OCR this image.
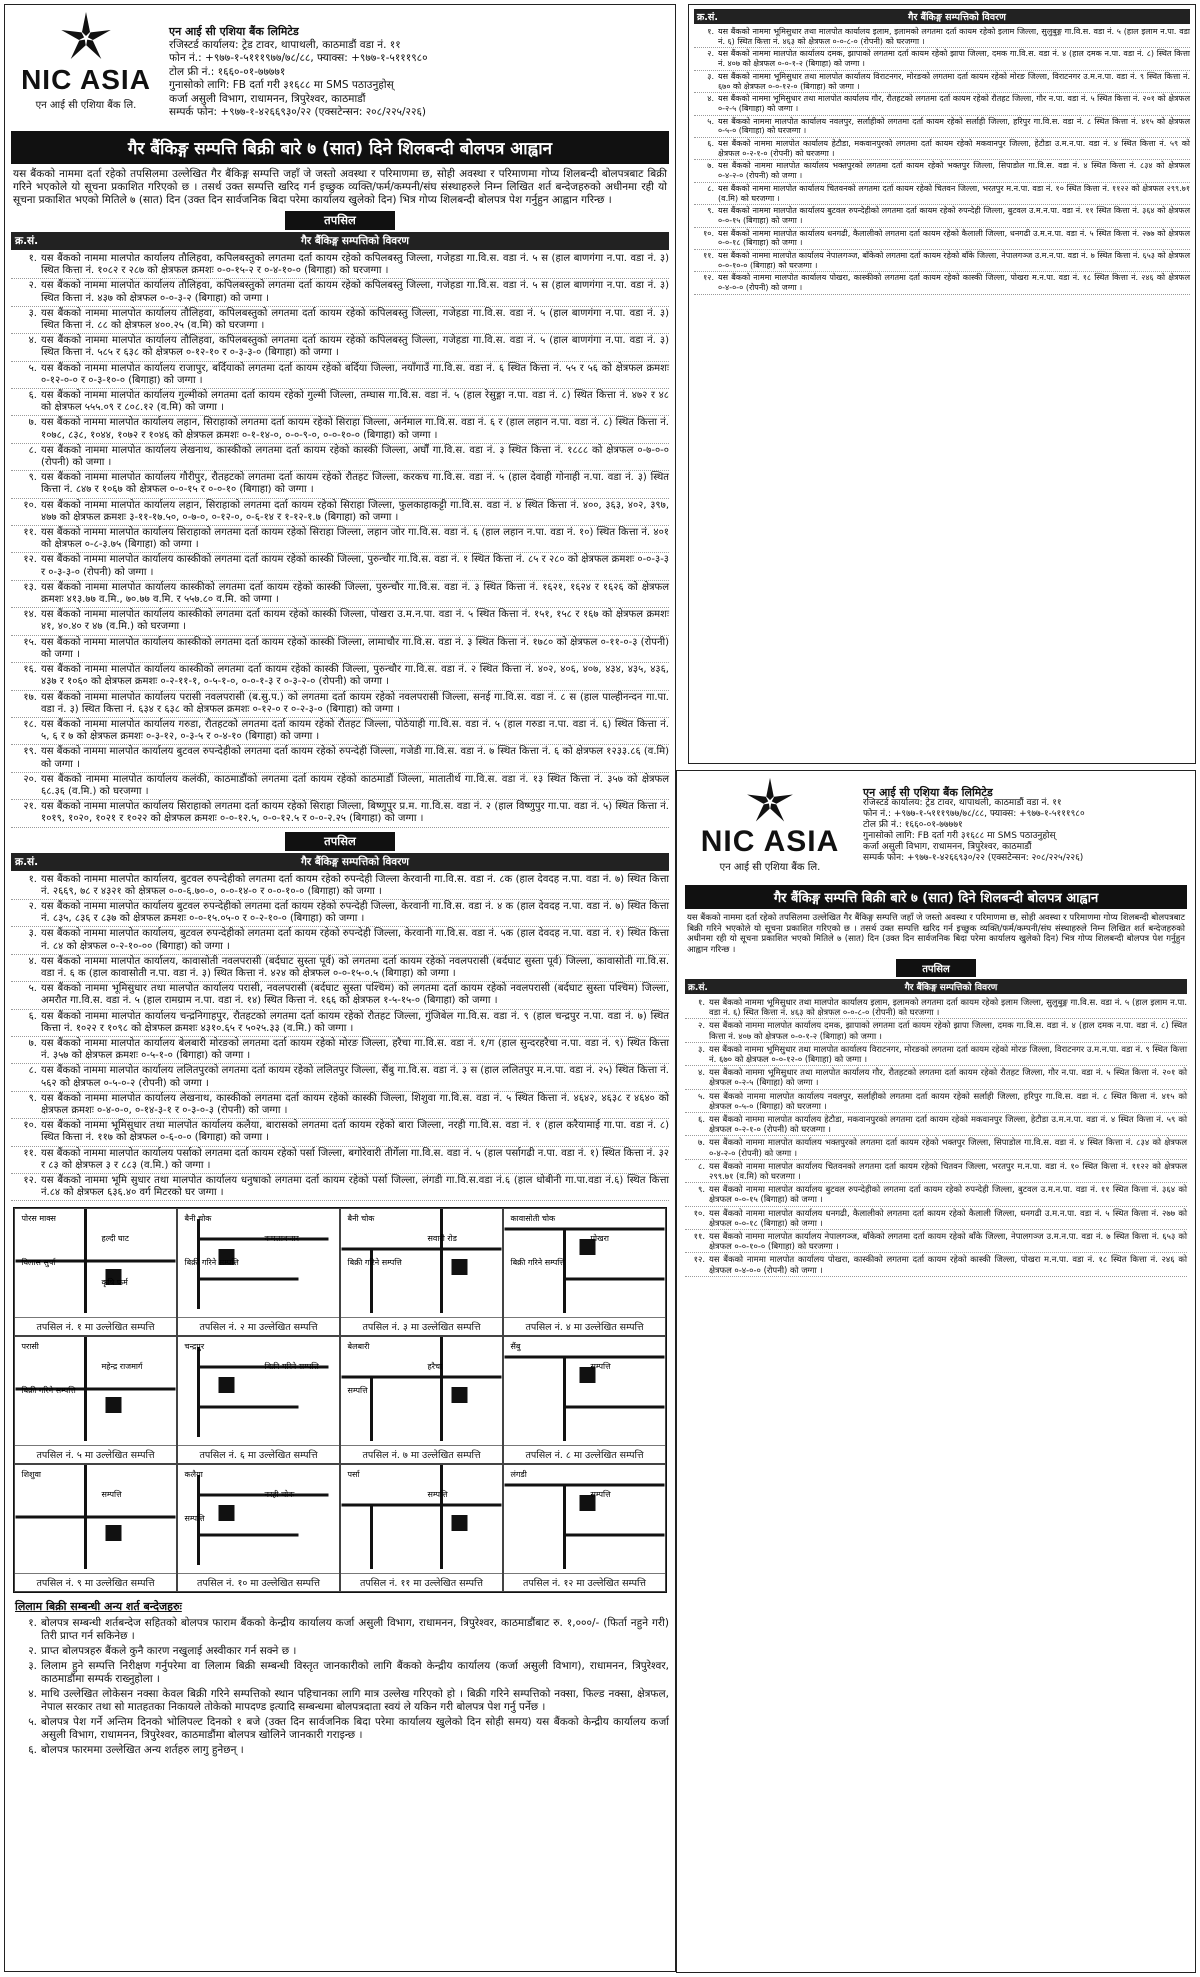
NIC ASIA
एन आई सी एशिया बैंक लि.
एन आई सी एशिया बैंक लिमिटेड
रजिस्टर्ड कार्यालय: ट्रेड टावर, थापाथली, काठमाडौं वडा नं. ११
फोन नं.: +९७७-१-५१११९७७/७८/८८, फ्याक्स: +९७७-१-५१११९८०
टोल फ्री नं.: १६६०-०१-७७७७१
गुनासोको लागि: FB दर्ता गरी ३१६८८ मा SMS पठाउनुहोस्
कर्जा असुली विभाग, राधामनन, त्रिपुरेश्वर, काठमाडौं
सम्पर्क फोन: +९७७-१-४२६६९३०/२२ (एक्सटेन्सन: २०८/२२५/२२६)
गैर बैंकिङ्ग सम्पत्ति बिक्री बारे ७ (सात) दिने शिलबन्दी बोलपत्र आह्वान
यस बैंकको नाममा दर्ता रहेको तपसिलमा उल्लेखित गैर बैंकिङ्ग सम्पत्ति जहाँ जे जस्तो अवस्था र परिमाणमा छ, सोही अवस्था र परिमाणमा गोप्य शिलबन्दी बोलपत्रबाट बिक्री गरिने भएकोले यो सूचना प्रकाशित गरिएको छ । तसर्थ उक्त सम्पत्ति खरिद गर्न इच्छुक व्यक्ति/फर्म/कम्पनी/संघ संस्थाहरुले निम्न लिखित शर्त बन्देजहरुको अधीनमा रही यो सूचना प्रकाशित भएको मितिले ७ (सात) दिन (उक्त दिन सार्वजनिक बिदा परेमा कार्यालय खुलेको दिन) भित्र गोप्य शिलबन्दी बोलपत्र पेश गर्नुहुन आह्वान गरिन्छ ।
तपसिल
क्र.सं.	गैर बैंकिङ्ग सम्पत्तिको विवरण
१. यस बैंकको नाममा मालपोत कार्यालय तौलिहवा, कपिलबस्तुको लगतमा दर्ता कायम रहेको कपिलबस्तु जिल्ला, गजेहडा गा.वि.स. वडा नं. ५ स (हाल बाणगंगा न.पा. वडा नं. ३) स्थित कित्ता नं. १०८२ र २८७ को क्षेत्रफल क्रमशः ०-०-१५-२ र ०-४-१०-० (बिगाहा) को घरजग्गा ।
२. यस बैंकको नाममा मालपोत कार्यालय तौलिहवा, कपिलबस्तुको लगतमा दर्ता कायम रहेको कपिलबस्तु जिल्ला, गजेहडा गा.वि.स. वडा नं. ५ स (हाल बाणगंगा न.पा. वडा नं. ३) स्थित कित्ता नं. ४३७ को क्षेत्रफल ०-०-३-२ (बिगाहा) को जग्गा ।
३. यस बैंकको नाममा मालपोत कार्यालय तौलिहवा, कपिलबस्तुको लगतमा दर्ता कायम रहेको कपिलबस्तु जिल्ला, गजेहडा गा.वि.स. वडा नं. ५ (हाल बाणगंगा न.पा. वडा नं. ३) स्थित कित्ता नं. ८८ को क्षेत्रफल ४००.२५ (व.मि) को घरजग्गा ।
४. यस बैंकको नाममा मालपोत कार्यालय तौलिहवा, कपिलबस्तुको लगतमा दर्ता कायम रहेको कपिलबस्तु जिल्ला, गजेहडा गा.वि.स. वडा नं. ५ (हाल बाणगंगा न.पा. वडा नं. ३) स्थित कित्ता नं. ५८५ र ६३८ को क्षेत्रफल ०-१२-१० र ०-३-३-० (बिगाहा) को जग्गा ।
५. यस बैंकको नाममा मालपोत कार्यालय राजापुर, बर्दियाको लगतमा दर्ता कायम रहेको बर्दिया जिल्ला, नयाँगाउँ गा.वि.स. वडा नं. ६ स्थित कित्ता नं. ५५ र ५६ को क्षेत्रफल क्रमशः ०-१२-०-० र ०-३-१०-० (बिगाहा) को जग्गा ।
६. यस बैंकको नाममा मालपोत कार्यालय गुल्मीको लगतमा दर्ता कायम रहेको गुल्मी जिल्ला, तम्घास गा.वि.स. वडा नं. ५ (हाल रेसुङ्गा न.पा. वडा नं. ८) स्थित कित्ता नं. ४७२ र ४८ को क्षेत्रफल ५५५.०९ र ८०८.१२ (व.मि) को जग्गा ।
७. यस बैंकको नाममा मालपोत कार्यालय लहान, सिराहाको लगतमा दर्ता कायम रहेको सिराहा जिल्ला, अर्नमाल गा.वि.स. वडा नं. ६ र (हाल लहान न.पा. वडा नं. ८) स्थित कित्ता नं. १०७८, ८३८, १०४४, १०७२ र १०४६ को क्षेत्रफल क्रमशः ०-१-१४-०, ०-०-९-०, ०-०-१०-० (बिगाहा) को जग्गा ।
८. यस बैंकको नाममा मालपोत कार्यालय लेखनाथ, कास्कीको लगतमा दर्ता कायम रहेको कास्की जिल्ला, अर्घौं गा.वि.स. वडा नं. ३ स्थित कित्ता नं. १८८८ को क्षेत्रफल ०-७-०-० (रोपनी) को जग्गा ।
९. यस बैंकको नाममा मालपोत कार्यालय गौरीपुर, रौतहटको लगतमा दर्ता कायम रहेको रौतहट जिल्ला, करकच गा.वि.स. वडा नं. ५ (हाल देवाही गोनाही न.पा. वडा नं. ३) स्थित कित्ता नं. ८४७ र १०६७ को क्षेत्रफल ०-०-१५ र ०-०-१० (बिगाहा) को जग्गा ।
१०. यस बैंकको नाममा मालपोत कार्यालय लहान, सिराहाको लगतमा दर्ता कायम रहेको सिराहा जिल्ला, फुलकाहाकट्टी गा.वि.स. वडा नं. ४ स्थित कित्ता नं. ४००, ३६३, ४०२, ३९७, ४७७ को क्षेत्रफल क्रमशः ३-११-१७.५०, ०-७-०, ०-१२-०, ०-६-१४ र १-१२-१.७ (बिगाहा) को जग्गा ।
११. यस बैंकको नाममा मालपोत कार्यालय सिराहाको लगतमा दर्ता कायम रहेको सिराहा जिल्ला, लहान जोर गा.वि.स. वडा नं. ६ (हाल लहान न.पा. वडा नं. १०) स्थित कित्ता नं. ४०१ को क्षेत्रफल ०-८-३.७५ (बिगाहा) को जग्गा ।
१२. यस बैंकको नाममा मालपोत कार्यालय कास्कीको लगतमा दर्ता कायम रहेको कास्की जिल्ला, पुरुन्चौर गा.वि.स. वडा नं. १ स्थित कित्ता नं. ८५ र २८० को क्षेत्रफल क्रमशः ०-०-३-३ र ०-३-३-० (रोपनी) को जग्गा ।
१३. यस बैंकको नाममा मालपोत कार्यालय कास्कीको लगतमा दर्ता कायम रहेको कास्की जिल्ला, पुरुन्चौर गा.वि.स. वडा नं. ३ स्थित कित्ता नं. १६२१, १६२४ र १६२६ को क्षेत्रफल क्रमशः ४१३.७७ व.मि., ७०.७७ व.मि. र ५५७.८० व.मि. को जग्गा ।
१४. यस बैंकको नाममा मालपोत कार्यालय कास्कीको लगतमा दर्ता कायम रहेको कास्की जिल्ला, पोखरा उ.म.न.पा. वडा नं. ५ स्थित कित्ता नं. १५१, १५८ र १६७ को क्षेत्रफल क्रमशः ४१, ४०.४० र ४७ (व.मि.) को घरजग्गा ।
१५. यस बैंकको नाममा मालपोत कार्यालय कास्कीको लगतमा दर्ता कायम रहेको कास्की जिल्ला, लामाचौर गा.वि.स. वडा नं. ३ स्थित कित्ता नं. १७८० को क्षेत्रफल ०-११-०-३ (रोपनी) को जग्गा ।
१६. यस बैंकको नाममा मालपोत कार्यालय कास्कीको लगतमा दर्ता कायम रहेको कास्की जिल्ला, पुरुन्चौर गा.वि.स. वडा नं. २ स्थित कित्ता नं. ४०२, ४०६, ४०७, ४३४, ४३५, ४३६, ४३७ र १०६० को क्षेत्रफल क्रमशः ०-२-११-१, ०-५-१-०, ०-०-१-३ र ०-३-२-० (रोपनी) को जग्गा ।
१७. यस बैंकको नाममा मालपोत कार्यालय परासी नवलपरासी (ब.सु.प.) को लगतमा दर्ता कायम रहेको नवलपरासी जिल्ला, सनई गा.वि.स. वडा नं. ८ स (हाल पाल्हीनन्दन गा.पा. वडा नं. ३) स्थित कित्ता नं. ६३४ र ६३८ को क्षेत्रफल क्रमशः ०-१२-० र ०-२-३-० (बिगाहा) को जग्गा ।
१८. यस बैंकको नाममा मालपोत कार्यालय गरुडा, रौतहटको लगतमा दर्ता कायम रहेको रौतहट जिल्ला, पोठेयाही गा.वि.स. वडा नं. ५ (हाल गरुडा न.पा. वडा नं. ६) स्थित कित्ता नं. ५, ६ र ७ को क्षेत्रफल क्रमशः ०-३-१२, ०-३-५ र ०-४-१० (बिगाहा) को जग्गा ।
१९. यस बैंकको नाममा मालपोत कार्यालय बुटवल रुपन्देहीको लगतमा दर्ता कायम रहेको रुपन्देही जिल्ला, गजेडी गा.वि.स. वडा नं. ७ स्थित कित्ता नं. ६ को क्षेत्रफल १२३३.८६ (व.मि) को जग्गा ।
२०. यस बैंकको नाममा मालपोत कार्यालय कलंकी, काठमाडौंको लगतमा दर्ता कायम रहेको काठमाडौं जिल्ला, मातातीर्थ गा.वि.स. वडा नं. १३ स्थित कित्ता नं. ३५७ को क्षेत्रफल ६८.३६ (व.मि.) को घरजग्गा ।
२१. यस बैंकको नाममा मालपोत कार्यालय सिराहाको लगतमा दर्ता कायम रहेको सिराहा जिल्ला, बिष्णुपुर प्र.म. गा.वि.स. वडा नं. २ (हाल विष्णुपुर गा.पा. वडा नं. ५) स्थित कित्ता नं. १०१९, १०२०, १०२१ र १०२२ को क्षेत्रफल क्रमशः ०-०-१२.५, ०-०-१२.५ र ०-०-२.२५ (बिगाहा) को जग्गा ।
तपसिल
क्र.सं.	गैर बैंकिङ्ग सम्पत्तिको विवरण
१. यस बैंकको नाममा मालपोत कार्यालय, बुटवल रुपन्देहीको लगतमा दर्ता कायम रहेको रुपन्देही जिल्ला केरवानी गा.वि.स. वडा नं. ८क (हाल देवदह न.पा. वडा नं. ७) स्थित कित्ता नं. २६६९, ७८ र ४३२१ को क्षेत्रफल ०-०-६.७०-०, ०-०-१४-० र ०-०-१०-० (बिगाहा) को जग्गा ।
२. यस बैंकको नाममा मालपोत कार्यालय बुटवल रुपन्देहीको लगतमा दर्ता कायम रहेको रुपन्देही जिल्ला, केरवानी गा.वि.स. वडा नं. ४ क (हाल देवदह न.पा. वडा नं. ७) स्थित कित्ता नं. ८३५, ८३६ र ८३७ को क्षेत्रफल क्रमशः ०-०-१५.०५-० र ०-२-१०-० (बिगाहा) को जग्गा ।
३. यस बैंकको नाममा मालपोत कार्यालय, बुटवल रुपन्देहीको लगतमा दर्ता कायम रहेको रुपन्देही जिल्ला, केरवानी गा.वि.स. वडा नं. ५क (हाल देवदह न.पा. वडा नं. १) स्थित कित्ता नं. ८४ को क्षेत्रफल ०-२-१०-०० (बिगाहा) को जग्गा ।
४. यस बैंकको नाममा मालपोत कार्यालय, कावासोती नवलपरासी (बर्दघाट सुस्ता पूर्व) को लगतमा दर्ता कायम रहेको नवलपरासी (बर्दघाट सुस्ता पूर्व) जिल्ला, कावासोती गा.वि.स. वडा नं. ६ क (हाल कावासोती न.पा. वडा नं. ३) स्थित कित्ता नं. ४२४ को क्षेत्रफल ०-०-१५-०.५ (बिगाहा) को जग्गा ।
५. यस बैंकको नाममा भूमिसुधार तथा मालपोत कार्यालय परासी, नवलपरासी (बर्दघाट सुस्ता पश्चिम) को लगतमा दर्ता कायम रहेको नवलपरासी (बर्दघाट सुस्ता पश्चिम) जिल्ला, अमरौत गा.वि.स. वडा नं. ५ (हाल रामग्राम न.पा. वडा नं. १४) स्थित कित्ता नं. १६६ को क्षेत्रफल १-५-१५-० (बिगाहा) को जग्गा ।
६. यस बैंकको नाममा मालपोत कार्यालय चन्द्रनिगाहपुर, रौतहटको लगतमा दर्ता कायम रहेको रौतहट जिल्ला, गुंजिबेल गा.वि.स. वडा नं. ९ (हाल चन्द्रपुर न.पा. वडा नं. ७) स्थित कित्ता नं. १०२२ र १०९८ को क्षेत्रफल क्रमशः ४३१०.६५ र ५०२५.३३ (व.मि.) को जग्गा ।
७. यस बैंकको नाममा मालपोत कार्यालय बेलबारी मोरङको लगतमा दर्ता कायम रहेको मोरङ जिल्ला, हरैचा गा.वि.स. वडा नं. १/ग (हाल सुन्दरहरैचा न.पा. वडा नं. ९) स्थित कित्ता नं. ३५७ को क्षेत्रफल क्रमशः ०-५-१-० (बिगाहा) को जग्गा ।
८. यस बैंकको नाममा मालपोत कार्यालय ललितपुरको लगतमा दर्ता कायम रहेको ललितपुर जिल्ला, सैंबु गा.वि.स. वडा नं. ३ स (हाल ललितपुर म.न.पा. वडा नं. २५) स्थित कित्ता नं. ५६२ को क्षेत्रफल ०-५-०-२ (रोपनी) को जग्गा ।
९. यस बैंकको नाममा मालपोत कार्यालय लेखनाथ, कास्कीको लगतमा दर्ता कायम रहेको कास्की जिल्ला, शिशुवा गा.वि.स. वडा नं. ५ स्थित कित्ता नं. ४६४२, ४६३८ र ४६४० को क्षेत्रफल क्रमशः ०-४-०-०, ०-१४-३-१ र ०-३-०-३ (रोपनी) को जग्गा ।
१०. यस बैंकको नाममा भूमिसुधार तथा मालपोत कार्यालय कलैया, बारासको लगतमा दर्ता कायम रहेको बारा जिल्ला, नरही गा.वि.स. वडा नं. १ (हाल करैयामाई गा.पा. वडा नं. ८) स्थित कित्ता नं. ११७ को क्षेत्रफल ०-६-०-० (बिगाहा) को जग्गा ।
११. यस बैंकको नाममा मालपोत कार्यालय पर्साको लगतमा दर्ता कायम रहेको पर्सा जिल्ला, बगोरेवारी तीर्गेला गा.वि.स. वडा नं. ५ (हाल पर्सागढी न.पा. वडा नं. १) स्थित कित्ता नं. ३२ र ८३ को क्षेत्रफल ३ र ८८३ (व.मि.) को जग्गा ।
१२. यस बैंकको नाममा भूमि सुधार तथा मालपोत कार्यालय धनुषाको लगतमा दर्ता कायम रहेको पर्सा जिल्ला, लंगडी गा.वि.स.वडा नं.६ (हाल धोबीनी गा.पा.वडा नं.६) स्थित कित्ता नं.८४ को क्षेत्रफल ६३६.४० वर्ग मिटरको घर जग्गा ।
पोरस माक्स
हल्दी घाट
विलास सुर्पा
कृषि फर्म
तपसिल नं. १ मा उल्लेखित सम्पत्ति
बैनी चोक
कमलाबजार
बिक्री गरिने सम्पत्ति
तपसिल नं. २ मा उल्लेखित सम्पत्ति
बैनी चोक
सवारी रोड
बिक्री गरिने सम्पत्ति
तपसिल नं. ३ मा उल्लेखित सम्पत्ति
कावासोती चोक
पोखरा
बिक्री गरिने सम्पत्ति
तपसिल नं. ४ मा उल्लेखित सम्पत्ति
परासी
महेन्द्र राजमार्ग
बिक्री गरिने सम्पत्ति
तपसिल नं. ५ मा उल्लेखित सम्पत्ति
चन्द्रपुर
बिक्री गरिने सम्पत्ति
तपसिल नं. ६ मा उल्लेखित सम्पत्ति
बेलबारी
हरैचा
सम्पत्ति
तपसिल नं. ७ मा उल्लेखित सम्पत्ति
सैंबु
सम्पत्ति
तपसिल नं. ८ मा उल्लेखित सम्पत्ति
शिशुवा
सम्पत्ति
तपसिल नं. ९ मा उल्लेखित सम्पत्ति
कलैया
नरही चोक
सम्पत्ति
तपसिल नं. १० मा उल्लेखित सम्पत्ति
पर्सा
सम्पत्ति
तपसिल नं. ११ मा उल्लेखित सम्पत्ति
लंगडी
सम्पत्ति
तपसिल नं. १२ मा उल्लेखित सम्पत्ति
लिलाम बिक्री सम्बन्धी अन्य शर्त बन्देजहरुः
१. बोलपत्र सम्बन्धी शर्तबन्देज सहितको बोलपत्र फाराम बैंकको केन्द्रीय कार्यालय कर्जा असुली विभाग, राधामनन, त्रिपुरेश्वर, काठमाडौंबाट रु. १,०००/- (फिर्ता नहुने गरी) तिरी प्राप्त गर्न सकिनेछ ।
२. प्राप्त बोलपत्रहरु बैंकले कुनै कारण नखुलाई अस्वीकार गर्न सक्ने छ ।
३. लिलाम हुने सम्पत्ति निरीक्षण गर्नुपरेमा वा लिलाम बिक्री सम्बन्धी विस्तृत जानकारीको लागि बैंकको केन्द्रीय कार्यालय (कर्जा असुली विभाग), राधामनन, त्रिपुरेश्वर, काठमाडौंमा सम्पर्क राख्नुहोला ।
४. माथि उल्लेखित लोकेसन नक्सा केवल बिक्री गरिने सम्पत्तिको स्थान पहिचानका लागि मात्र उल्लेख गरिएको हो । बिक्री गरिने सम्पत्तिको नक्सा, फिल्ड नक्सा, क्षेत्रफल, नेपाल सरकार तथा सो मातहतका निकायले तोकेको मापदण्ड इत्यादि सम्बन्धमा बोलपत्रदाता स्वयं ले यकिन गरी बोलपत्र पेश गर्नु पर्नेछ ।
५. बोलपत्र पेश गर्ने अन्तिम दिनको भोलिपल्ट दिनको १ बजे (उक्त दिन सार्वजनिक बिदा परेमा कार्यालय खुलेको दिन सोही समय) यस बैंकको केन्द्रीय कार्यालय कर्जा असुली विभाग, राधामनन, त्रिपुरेश्वर, काठमाडौंमा बोलपत्र खोलिने जानकारी गराइन्छ ।
६. बोलपत्र फारममा उल्लेखित अन्य शर्तहरु लागु हुनेछन् ।
क्र.सं.	गैर बैंकिङ्ग सम्पत्तिको विवरण
१. यस बैंकको नाममा भूमिसुधार तथा मालपोत कार्यालय इलाम, इलामको लगतमा दर्ता कायम रहेको इलाम जिल्ला, सुलुबुङ्ग गा.वि.स. वडा नं. ५ (हाल इलाम न.पा. वडा नं. ६) स्थित कित्ता नं. ४६३ को क्षेत्रफल ०-०-८-० (रोपनी) को घरजग्गा ।
२. यस बैंकको नाममा मालपोत कार्यालय दमक, झापाको लगतमा दर्ता कायम रहेको झापा जिल्ला, दमक गा.वि.स. वडा नं. ४ (हाल दमक न.पा. वडा नं. ८) स्थित कित्ता नं. ४०७ को क्षेत्रफल ०-०-१-२ (बिगाहा) को जग्गा ।
३. यस बैंकको नाममा भूमिसुधार तथा मालपोत कार्यालय विराटनगर, मोरङको लगतमा दर्ता कायम रहेको मोरङ जिल्ला, विराटनगर उ.म.न.पा. वडा नं. ९ स्थित कित्ता नं. ६७० को क्षेत्रफल ०-०-१२-० (बिगाहा) को जग्गा ।
४. यस बैंकको नाममा भूमिसुधार तथा मालपोत कार्यालय गौर, रौतहटको लगतमा दर्ता कायम रहेको रौतहट जिल्ला, गौर न.पा. वडा नं. ५ स्थित कित्ता नं. २०१ को क्षेत्रफल ०-२-५ (बिगाहा) को जग्गा ।
५. यस बैंकको नाममा मालपोत कार्यालय नवलपुर, सर्लाहीको लगतमा दर्ता कायम रहेको सर्लाही जिल्ला, हरिपुर गा.वि.स. वडा नं. ८ स्थित कित्ता नं. ४१५ को क्षेत्रफल ०-५-० (बिगाहा) को घरजग्गा ।
६. यस बैंकको नाममा मालपोत कार्यालय हेटौडा, मकवानपुरको लगतमा दर्ता कायम रहेको मकवानपुर जिल्ला, हेटौडा उ.म.न.पा. वडा नं. ४ स्थित कित्ता नं. ५९ को क्षेत्रफल ०-२-१-० (रोपनी) को घरजग्गा ।
७. यस बैंकको नाममा मालपोत कार्यालय भक्तपुरको लगतमा दर्ता कायम रहेको भक्तपुर जिल्ला, सिपाडोल गा.वि.स. वडा नं. ४ स्थित कित्ता नं. ८३४ को क्षेत्रफल ०-४-२-० (रोपनी) को जग्गा ।
८. यस बैंकको नाममा मालपोत कार्यालय चितवनको लगतमा दर्ता कायम रहेको चितवन जिल्ला, भरतपुर म.न.पा. वडा नं. १० स्थित कित्ता नं. ११२२ को क्षेत्रफल २९९.७१ (व.मि) को घरजग्गा ।
९. यस बैंकको नाममा मालपोत कार्यालय बुटवल रुपन्देहीको लगतमा दर्ता कायम रहेको रुपन्देही जिल्ला, बुटवल उ.म.न.पा. वडा नं. ११ स्थित कित्ता नं. ३६४ को क्षेत्रफल ०-०-१५ (बिगाहा) को जग्गा ।
१०. यस बैंकको नाममा मालपोत कार्यालय धनगढी, कैलालीको लगतमा दर्ता कायम रहेको कैलाली जिल्ला, धनगढी उ.म.न.पा. वडा नं. ५ स्थित कित्ता नं. २७७ को क्षेत्रफल ०-०-१८ (बिगाहा) को जग्गा ।
११. यस बैंकको नाममा मालपोत कार्यालय नेपालगञ्ज, बाँकेको लगतमा दर्ता कायम रहेको बाँके जिल्ला, नेपालगञ्ज उ.म.न.पा. वडा नं. ७ स्थित कित्ता नं. ६५३ को क्षेत्रफल ०-०-१०-० (बिगाहा) को घरजग्गा ।
१२. यस बैंकको नाममा मालपोत कार्यालय पोखरा, कास्कीको लगतमा दर्ता कायम रहेको कास्की जिल्ला, पोखरा म.न.पा. वडा नं. १८ स्थित कित्ता नं. २४६ को क्षेत्रफल ०-४-०-० (रोपनी) को जग्गा ।
NIC ASIA
एन आई सी एशिया बैंक लि.
एन आई सी एशिया बैंक लिमिटेड
रजिस्टर्ड कार्यालय: ट्रेड टावर, थापाथली, काठमाडौं वडा नं. ११
फोन नं.: +९७७-१-५१११९७७/७८/८८, फ्याक्स: +९७७-१-५१११९८०
टोल फ्री नं.: १६६०-०१-७७७७१
गुनासोको लागि: FB दर्ता गरी ३१६८८ मा SMS पठाउनुहोस्
कर्जा असुली विभाग, राधामनन, त्रिपुरेश्वर, काठमाडौं
सम्पर्क फोन: +९७७-१-४२६६९३०/२२ (एक्सटेन्सन: २०८/२२५/२२६)
गैर बैंकिङ्ग सम्पत्ति बिक्री बारे ७ (सात) दिने शिलबन्दी बोलपत्र आह्वान
यस बैंकको नाममा दर्ता रहेको तपसिलमा उल्लेखित गैर बैंकिङ्ग सम्पत्ति जहाँ जे जस्तो अवस्था र परिमाणमा छ, सोही अवस्था र परिमाणमा गोप्य शिलबन्दी बोलपत्रबाट बिक्री गरिने भएकोले यो सूचना प्रकाशित गरिएको छ । तसर्थ उक्त सम्पत्ति खरिद गर्न इच्छुक व्यक्ति/फर्म/कम्पनी/संघ संस्थाहरुले निम्न लिखित शर्त बन्देजहरुको अधीनमा रही यो सूचना प्रकाशित भएको मितिले ७ (सात) दिन (उक्त दिन सार्वजनिक बिदा परेमा कार्यालय खुलेको दिन) भित्र गोप्य शिलबन्दी बोलपत्र पेश गर्नुहुन आह्वान गरिन्छ ।
तपसिल
क्र.सं.	गैर बैंकिङ्ग सम्पत्तिको विवरण
१. यस बैंकको नाममा भूमिसुधार तथा मालपोत कार्यालय इलाम, इलामको लगतमा दर्ता कायम रहेको इलाम जिल्ला, सुलुबुङ्ग गा.वि.स. वडा नं. ५ (हाल इलाम न.पा. वडा नं. ६) स्थित कित्ता नं. ४६३ को क्षेत्रफल ०-०-८-० (रोपनी) को घरजग्गा ।
२. यस बैंकको नाममा मालपोत कार्यालय दमक, झापाको लगतमा दर्ता कायम रहेको झापा जिल्ला, दमक गा.वि.स. वडा नं. ४ (हाल दमक न.पा. वडा नं. ८) स्थित कित्ता नं. ४०७ को क्षेत्रफल ०-०-१-२ (बिगाहा) को जग्गा ।
३. यस बैंकको नाममा भूमिसुधार तथा मालपोत कार्यालय विराटनगर, मोरङको लगतमा दर्ता कायम रहेको मोरङ जिल्ला, विराटनगर उ.म.न.पा. वडा नं. ९ स्थित कित्ता नं. ६७० को क्षेत्रफल ०-०-१२-० (बिगाहा) को जग्गा ।
४. यस बैंकको नाममा भूमिसुधार तथा मालपोत कार्यालय गौर, रौतहटको लगतमा दर्ता कायम रहेको रौतहट जिल्ला, गौर न.पा. वडा नं. ५ स्थित कित्ता नं. २०१ को क्षेत्रफल ०-२-५ (बिगाहा) को जग्गा ।
५. यस बैंकको नाममा मालपोत कार्यालय नवलपुर, सर्लाहीको लगतमा दर्ता कायम रहेको सर्लाही जिल्ला, हरिपुर गा.वि.स. वडा नं. ८ स्थित कित्ता नं. ४१५ को क्षेत्रफल ०-५-० (बिगाहा) को घरजग्गा ।
६. यस बैंकको नाममा मालपोत कार्यालय हेटौडा, मकवानपुरको लगतमा दर्ता कायम रहेको मकवानपुर जिल्ला, हेटौडा उ.म.न.पा. वडा नं. ४ स्थित कित्ता नं. ५९ को क्षेत्रफल ०-२-१-० (रोपनी) को घरजग्गा ।
७. यस बैंकको नाममा मालपोत कार्यालय भक्तपुरको लगतमा दर्ता कायम रहेको भक्तपुर जिल्ला, सिपाडोल गा.वि.स. वडा नं. ४ स्थित कित्ता नं. ८३४ को क्षेत्रफल ०-४-२-० (रोपनी) को जग्गा ।
८. यस बैंकको नाममा मालपोत कार्यालय चितवनको लगतमा दर्ता कायम रहेको चितवन जिल्ला, भरतपुर म.न.पा. वडा नं. १० स्थित कित्ता नं. ११२२ को क्षेत्रफल २९९.७१ (व.मि) को घरजग्गा ।
९. यस बैंकको नाममा मालपोत कार्यालय बुटवल रुपन्देहीको लगतमा दर्ता कायम रहेको रुपन्देही जिल्ला, बुटवल उ.म.न.पा. वडा नं. ११ स्थित कित्ता नं. ३६४ को क्षेत्रफल ०-०-१५ (बिगाहा) को जग्गा ।
१०. यस बैंकको नाममा मालपोत कार्यालय धनगढी, कैलालीको लगतमा दर्ता कायम रहेको कैलाली जिल्ला, धनगढी उ.म.न.पा. वडा नं. ५ स्थित कित्ता नं. २७७ को क्षेत्रफल ०-०-१८ (बिगाहा) को जग्गा ।
११. यस बैंकको नाममा मालपोत कार्यालय नेपालगञ्ज, बाँकेको लगतमा दर्ता कायम रहेको बाँके जिल्ला, नेपालगञ्ज उ.म.न.पा. वडा नं. ७ स्थित कित्ता नं. ६५३ को क्षेत्रफल ०-०-१०-० (बिगाहा) को घरजग्गा ।
१२. यस बैंकको नाममा मालपोत कार्यालय पोखरा, कास्कीको लगतमा दर्ता कायम रहेको कास्की जिल्ला, पोखरा म.न.पा. वडा नं. १८ स्थित कित्ता नं. २४६ को क्षेत्रफल ०-४-०-० (रोपनी) को जग्गा ।
